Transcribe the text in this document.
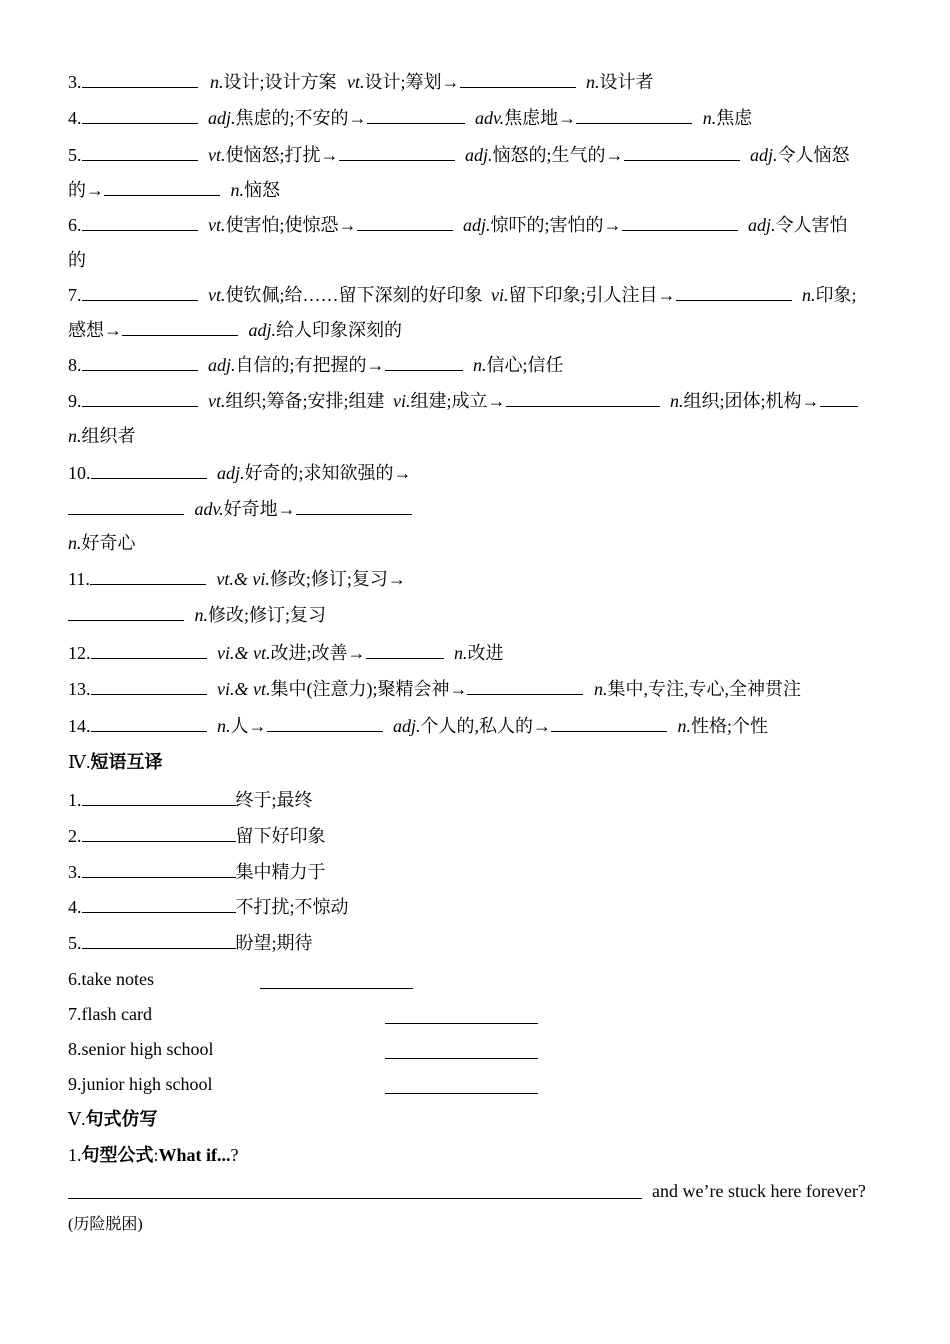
3.	n.设计;设计方案 vt.设计;筹划→	n.设计者
4.	adj.焦虑的;不安的→	adv.焦虑地→	n.焦虑
5.	vt.使恼怒;打扰→	adj.恼怒的;生气的→	adj.令人恼怒
的→	n.恼怒
6.	vt.使害怕;使惊恐→	adj.惊吓的;害怕的→	adj.令人害怕
的
7.	vt.使钦佩;给……留下深刻的好印象 vi.留下印象;引人注目→	n.印象;
感想→	adj.给人印象深刻的
8.	adj.自信的;有把握的→	n.信心;信任
9.	vt.组织;筹备;安排;组建 vi.组建;成立→	n.组织;团体;机构→
n.组织者
10.	adj.好奇的;求知欲强的→
adv.好奇地→
n.好奇心
11.	vt.& vi.修改;修订;复习→
n.修改;修订;复习
12.	vi.& vt.改进;改善→	n.改进
13.	vi.& vt.集中(注意力);聚精会神→	n.集中,专注,专心,全神贯注
14.	n.人→	adj.个人的,私人的→	n.性格;个性
Ⅳ.短语互译
1.	终于;最终
2.	留下好印象
3.	集中精力于
4.	不打扰;不惊动
5.	盼望;期待
6.take notes
7.flash card
8.senior high school
9.junior high school
Ⅴ.句式仿写
1.句型公式:What if...?
and we’re stuck here forever?
(历险脱困)
